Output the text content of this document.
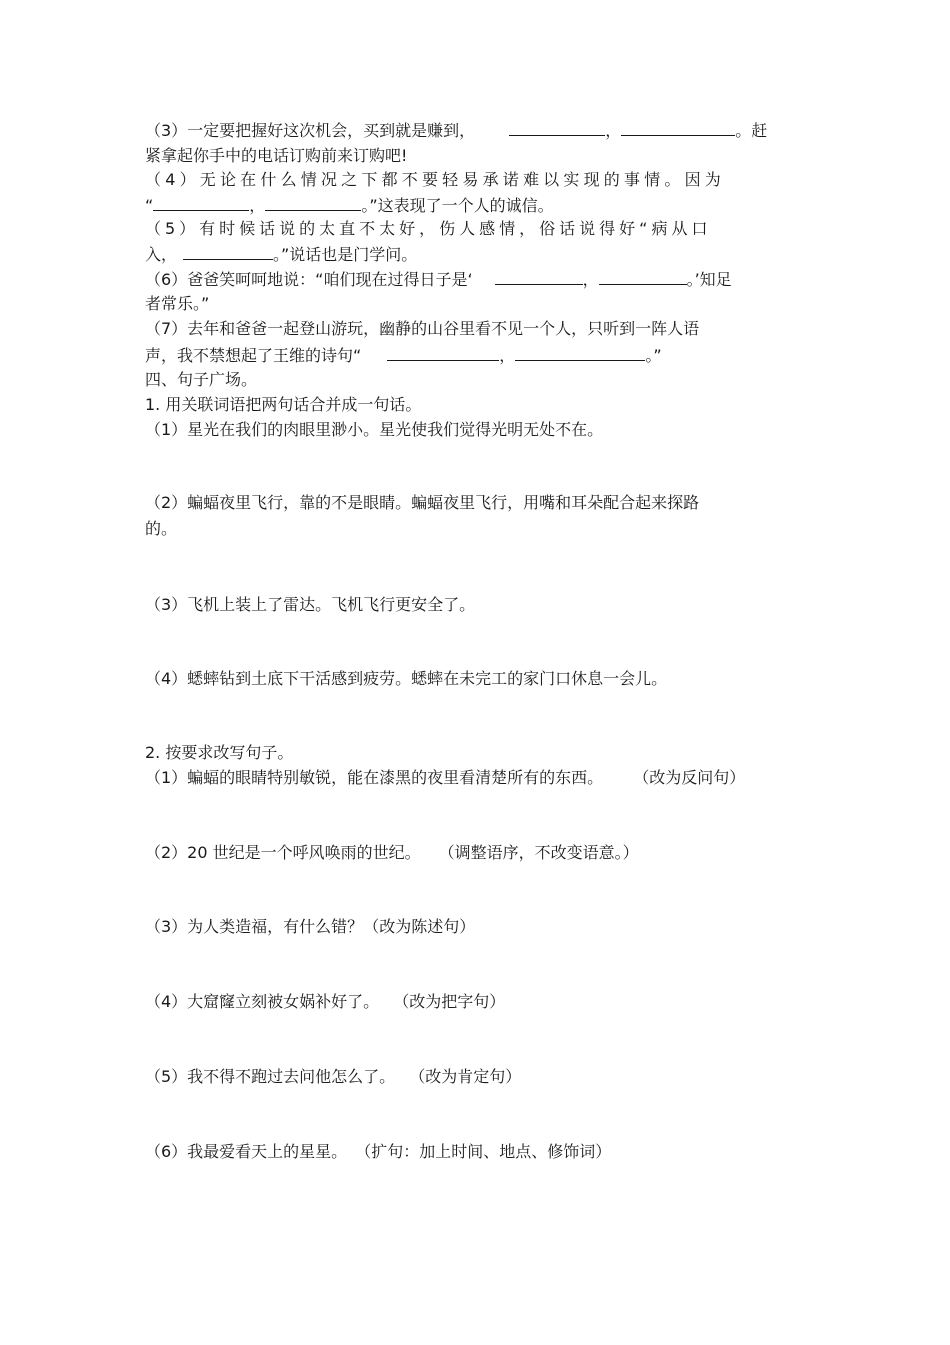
（3）一定要把握好这次机会，买到就是赚到，	，	。赶
紧拿起你手中的电话订购前来订购吧!
（4）无论在什么情况之下都不要轻易承诺难以实现的事情。因为
“	，	。”这表现了一个人的诚信。
（5）有时候话说的太直不太好，伤人感情，俗话说得好“病从口
入，	。”说话也是门学问。
（6）爸爸笑呵呵地说：“咱们现在过得日子是‘	，	。’知足
者常乐。”
（7）去年和爸爸一起登山游玩，幽静的山谷里看不见一个人，只听到一阵人语
声，我不禁想起了王维的诗句“	，	。”
四、句子广场。
1. 用关联词语把两句话合并成一句话。
（1）星光在我们的肉眼里渺小。星光使我们觉得光明无处不在。
（2）蝙蝠夜里飞行，靠的不是眼睛。蝙蝠夜里飞行，用嘴和耳朵配合起来探路
的。
（3）飞机上装上了雷达。飞机飞行更安全了。
（4）蟋蟀钻到土底下干活感到疲劳。蟋蟀在未完工的家门口休息一会儿。
2. 按要求改写句子。
（1）蝙蝠的眼睛特别敏锐，能在漆黑的夜里看清楚所有的东西。 （改为反问句）
（2）20 世纪是一个呼风唤雨的世纪。 （调整语序，不改变语意。）
（3）为人类造福，有什么错？（改为陈述句）
（4）大窟窿立刻被女娲补好了。 （改为把字句）
（5）我不得不跑过去问他怎么了。 （改为肯定句）
（6）我最爱看天上的星星。 （扩句：加上时间、地点、修饰词）
